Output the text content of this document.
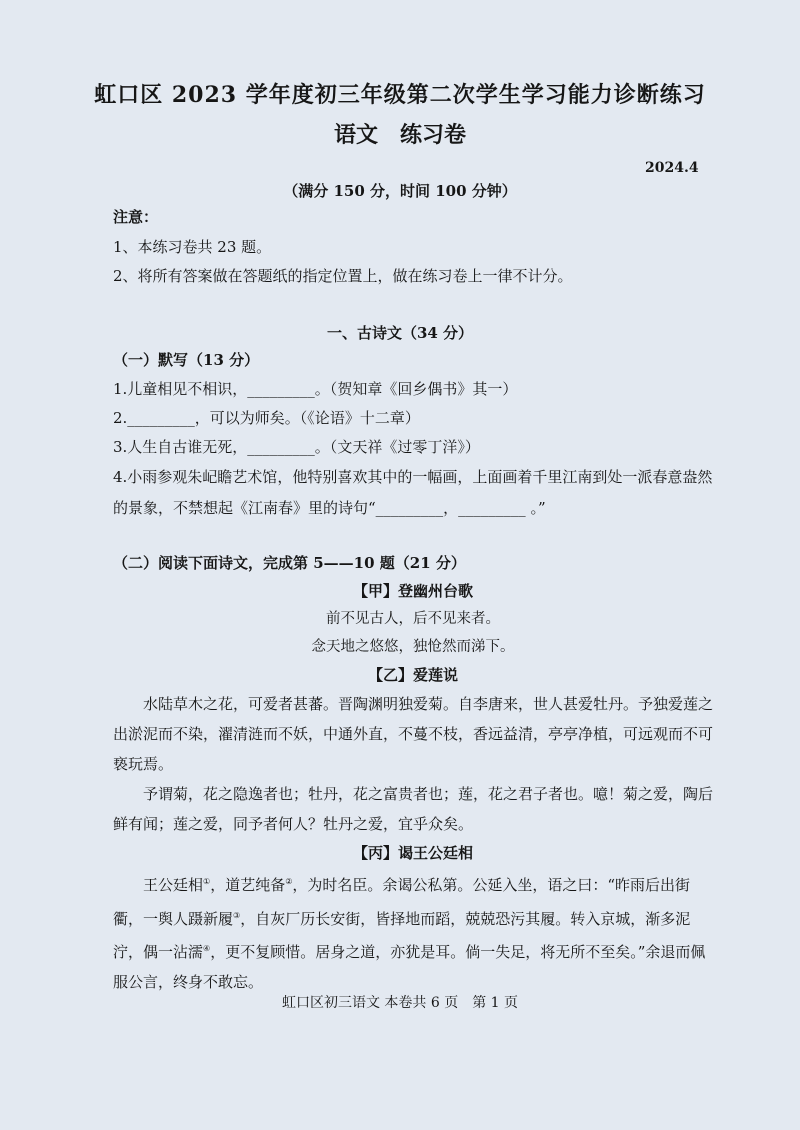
虹口区 2023 学年度初三年级第二次学生学习能力诊断练习
语文　练习卷
2024.4
（满分 150 分，时间 100 分钟）

注意：

1、本练习卷共 23 题。

2、将所有答案做在答题纸的指定位置上，做在练习卷上一律不计分。

一、古诗文（34 分）

（一）默写（13 分）

1.儿童相见不相识，_________。（贺知章《回乡偶书》其一）

2._________，可以为师矣。（《论语》十二章）

3.人生自古谁无死，_________。（文天祥《过零丁洋》）

4.小雨参观朱屺瞻艺术馆，他特别喜欢其中的一幅画，上面画着千里江南到处一派春意盎然的景象，不禁想起《江南春》里的诗句“_________，_________ 。”

（二）阅读下面诗文，完成第 5——10 题（21 分）

【甲】登幽州台歌

前不见古人，后不见来者。

念天地之悠悠，独怆然而涕下。

【乙】爱莲说

水陆草木之花，可爱者甚蕃。晋陶渊明独爱菊。自李唐来，世人甚爱牡丹。予独爱莲之出淤泥而不染，濯清涟而不妖，中通外直，不蔓不枝，香远益清，亭亭净植，可远观而不可亵玩焉。

予谓菊，花之隐逸者也；牡丹，花之富贵者也；莲，花之君子者也。噫！菊之爱，陶后鲜有闻；莲之爱，同予者何人？牡丹之爱，宜乎众矣。

【丙】谒王公廷相

王公廷相①，道艺纯备②，为时名臣。余谒公私第。公延入坐，语之曰：“昨雨后出街衢，一舆人蹑新履③，自灰厂历长安街，皆择地而蹈，兢兢恐污其履。转入京城，渐多泥泞，偶一沾濡④，更不复顾惜。居身之道，亦犹是耳。倘一失足，将无所不至矣。”余退而佩服公言，终身不敢忘。

虹口区初三语文 本卷共 6 页　第 1 页
